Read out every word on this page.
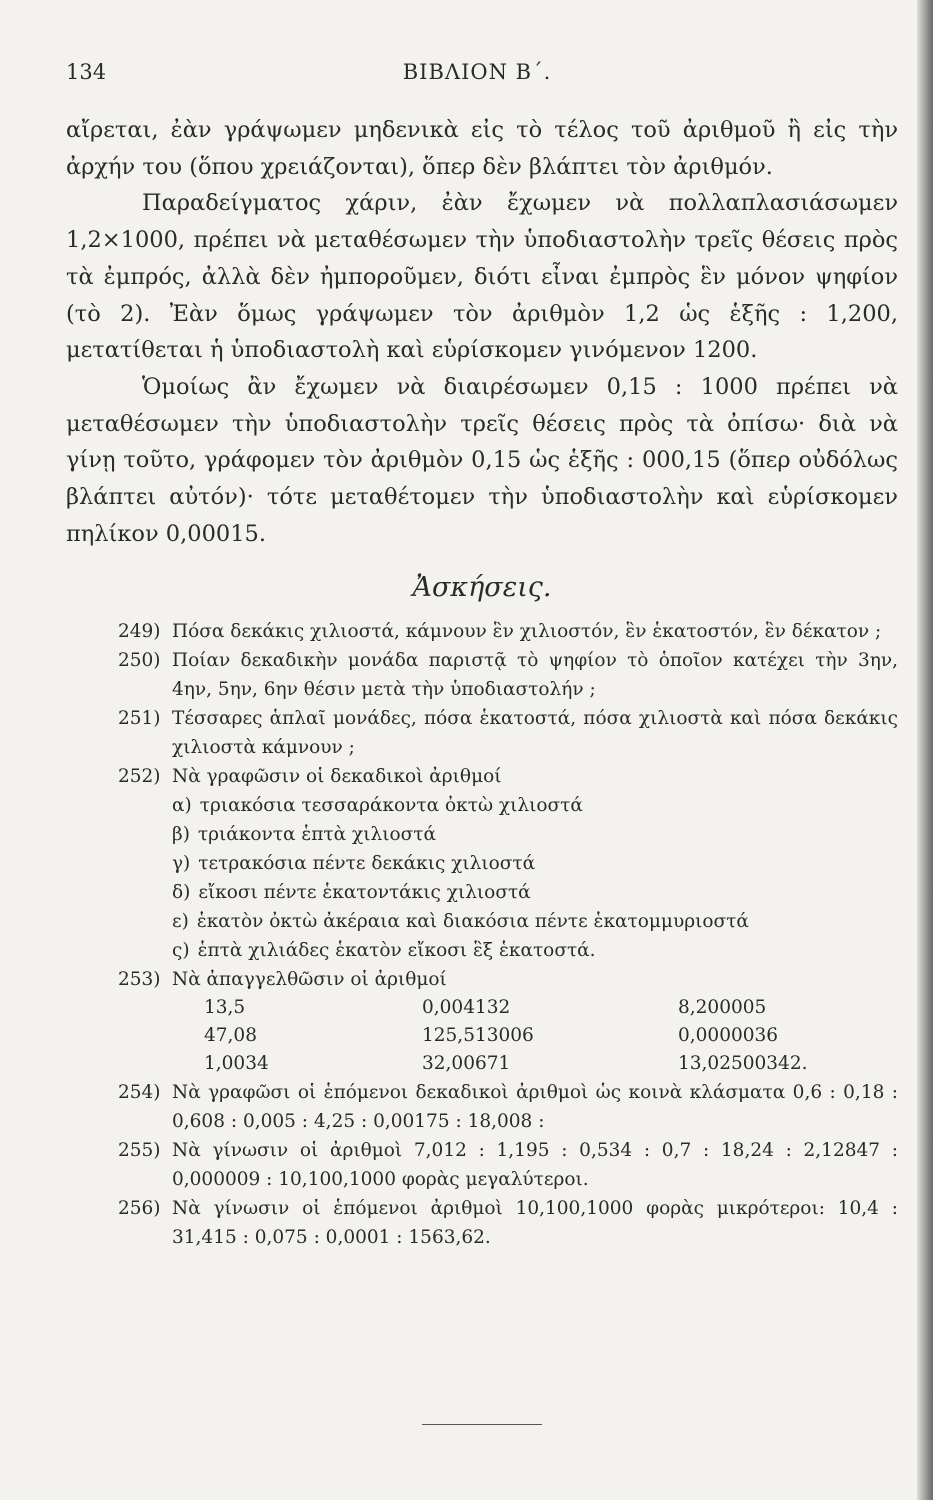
134	ΒΙΒΛΙΟΝ Β΄.

αἴρεται, ἐὰν γράψωμεν μηδενικὰ εἰς τὸ τέλος τοῦ ἀριθμοῦ ἢ εἰς τὴν ἀρχήν του (ὅπου χρειάζονται), ὅπερ δὲν βλάπτει τὸν ἀριθμόν.

Παραδείγματος χάριν, ἐὰν ἔχωμεν νὰ πολλαπλασιάσωμεν 1,2×1000, πρέπει νὰ μεταθέσωμεν τὴν ὑποδιαστολὴν τρεῖς θέσεις πρὸς τὰ ἐμπρός, ἀλλὰ δὲν ἠμποροῦμεν, διότι εἶναι ἐμπρὸς ἓν μόνον ψηφίον (τὸ 2). Ἐὰν ὅμως γράψωμεν τὸν ἀριθμὸν 1,2 ὡς ἑξῆς : 1,200, μετατίθεται ἡ ὑποδιαστολὴ καὶ εὑρίσκομεν γινόμενον 1200.

Ὁμοίως ἂν ἔχωμεν νὰ διαιρέσωμεν 0,15 : 1000 πρέπει νὰ μεταθέσωμεν τὴν ὑποδιαστολὴν τρεῖς θέσεις πρὸς τὰ ὀπίσω· διὰ νὰ γίνῃ τοῦτο, γράφομεν τὸν ἀριθμὸν 0,15 ὡς ἑξῆς : 000,15 (ὅπερ οὐδόλως βλάπτει αὐτόν)· τότε μεταθέτομεν τὴν ὑποδιαστολὴν καὶ εὑρίσκομεν πηλίκον 0,00015.

Ἀσκήσεις.
249) Πόσα δεκάκις χιλιοστά, κάμνουν ἓν χιλιοστόν, ἓν ἑκατοστόν, ἓν δέκατον ;
250) Ποίαν δεκαδικὴν μονάδα παριστᾷ τὸ ψηφίον τὸ ὁποῖον κατέχει τὴν 3ην, 4ην, 5ην, 6ην θέσιν μετὰ τὴν ὑποδιαστολήν ;
251) Τέσσαρες ἁπλαῖ μονάδες, πόσα ἑκατοστά, πόσα χιλιοστὰ καὶ πόσα δεκάκις χιλιοστὰ κάμνουν ;
252) Νὰ γραφῶσιν οἱ δεκαδικοὶ ἀριθμοί
α) τριακόσια τεσσαράκοντα ὀκτὼ χιλιοστά
β) τριάκοντα ἑπτὰ χιλιοστά
γ) τετρακόσια πέντε δεκάκις χιλιοστά
δ) εἴκοσι πέντε ἑκατοντάκις χιλιοστά
ε) ἑκατὸν ὀκτὼ ἀκέραια καὶ διακόσια πέντε ἑκατομμυριοστά
ς) ἑπτὰ χιλιάδες ἑκατὸν εἴκοσι ἓξ ἑκατοστά.
253) Νὰ ἀπαγγελθῶσιν οἱ ἀριθμοί
13,5	0,004132	8,200005
47,08	125,513006	0,0000036
1,0034	32,00671	13,02500342.
254) Νὰ γραφῶσι οἱ ἑπόμενοι δεκαδικοὶ ἀριθμοὶ ὡς κοινὰ κλάσματα 0,6 : 0,18 : 0,608 : 0,005 : 4,25 : 0,00175 : 18,008 :
255) Νὰ γίνωσιν οἱ ἀριθμοὶ 7,012 : 1,195 : 0,534 : 0,7 : 18,24 : 2,12847 : 0,000009 : 10,100,1000 φορὰς μεγαλύτεροι.
256) Νὰ γίνωσιν οἱ ἑπόμενοι ἀριθμοὶ 10,100,1000 φορὰς μικρότεροι: 10,4 : 31,415 : 0,075 : 0,0001 : 1563,62.
